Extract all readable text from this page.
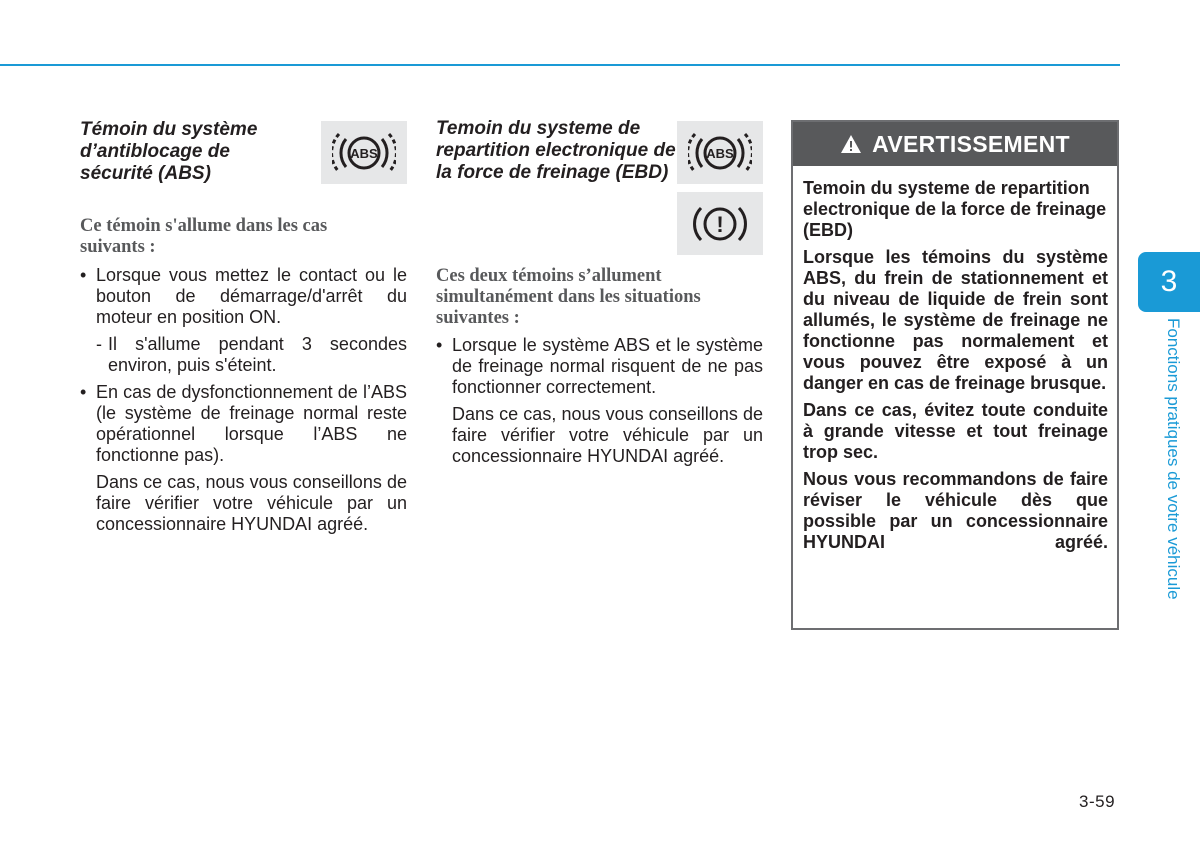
Témoin du système d’antiblocage de sécurité (ABS)
ABS

Ce témoin s'allume dans les cas suivants :

• Lorsque vous mettez le contact ou le bouton de démarrage/d'arrêt du moteur en position ON.

- Il s'allume pendant 3 secondes environ, puis s'éteint.

• En cas de dysfonctionnement de l’ABS (le système de freinage normal reste opérationnel lorsque l’ABS ne fonctionne pas).

Dans ce cas, nous vous conseillons de faire vérifier votre véhicule par un concessionnaire HYUNDAI agréé.

Temoin du systeme de repartition electronique de la force de freinage (EBD)
ABS
!

Ces deux témoins s’allument simultanément dans les situations suivantes :

• Lorsque le système ABS et le système de freinage normal risquent de ne pas fonctionner correctement.

Dans ce cas, nous vous conseillons de faire vérifier votre véhicule par un concessionnaire HYUNDAI agréé.

AVERTISSEMENT

Temoin du systeme de repartition electronique de la force de freinage (EBD)

Lorsque les témoins du système ABS, du frein de stationnement et du niveau de liquide de frein sont allumés, le système de freinage ne fonctionne pas normalement et vous pouvez être exposé à un danger en cas de freinage brusque.

Dans ce cas, évitez toute conduite à grande vitesse et tout freinage trop sec.

Nous vous recommandons de faire réviser le véhicule dès que possible par un concessionnaire HYUNDAI agréé.

3
Fonctions pratiques de votre véhicule
3-59
